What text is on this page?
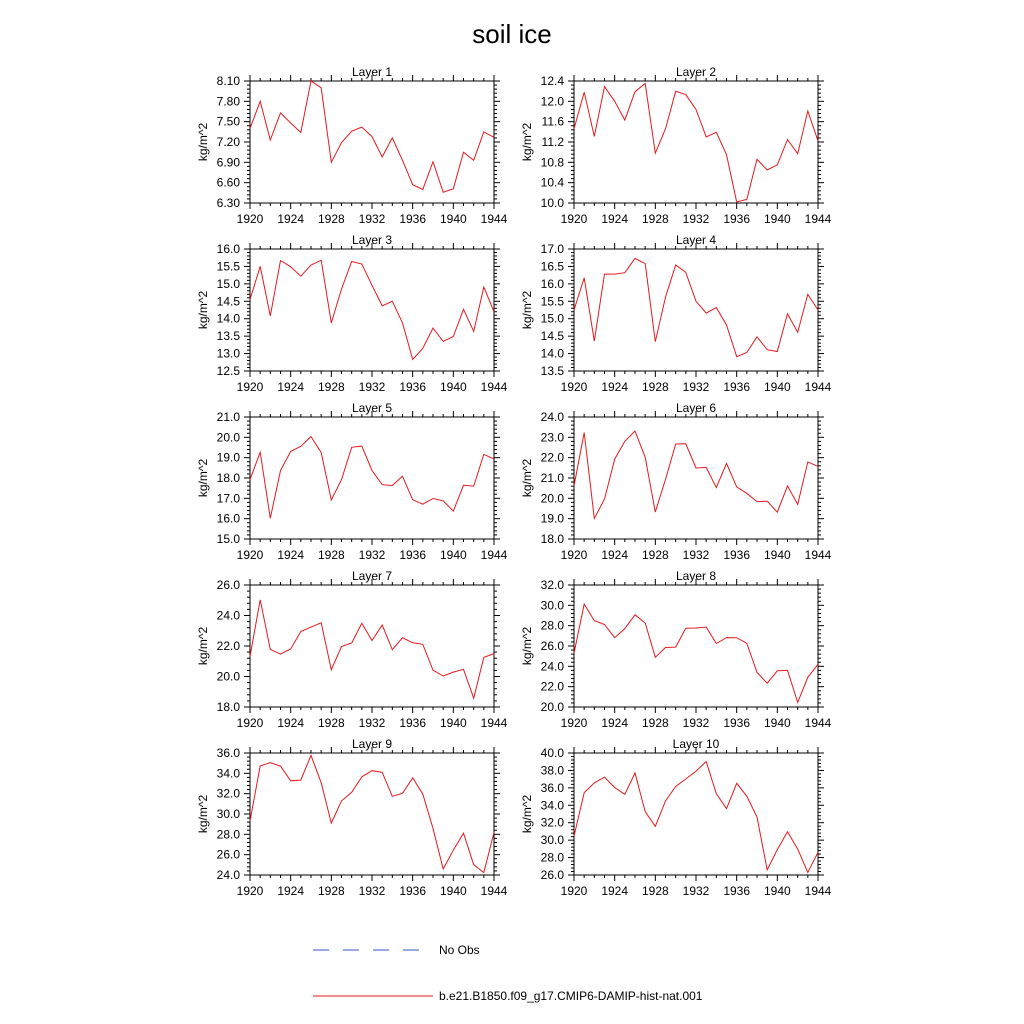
soil ice
Layer 1
kg/m^2
1920 1924 1928 1932 1936 1940 1944
6.30
6.60
6.90
7.20
7.50
7.80
8.10
Layer 2
kg/m^2
1920 1924 1928 1932 1936 1940 1944
10.0
10.4
10.8
11.2
11.6
12.0
12.4
Layer 3
kg/m^2
1920 1924 1928 1932 1936 1940 1944
12.5
13.0
13.5
14.0
14.5
15.0
15.5
16.0
Layer 4
kg/m^2
1920 1924 1928 1932 1936 1940 1944
13.5
14.0
14.5
15.0
15.5
16.0
16.5
17.0
Layer 5
kg/m^2
1920 1924 1928 1932 1936 1940 1944
15.0
16.0
17.0
18.0
19.0
20.0
21.0
Layer 6
kg/m^2
1920 1924 1928 1932 1936 1940 1944
18.0
19.0
20.0
21.0
22.0
23.0
24.0
Layer 7
kg/m^2
1920 1924 1928 1932 1936 1940 1944
18.0
20.0
22.0
24.0
26.0
Layer 8
kg/m^2
1920 1924 1928 1932 1936 1940 1944
20.0
22.0
24.0
26.0
28.0
30.0
32.0
Layer 9
kg/m^2
1920 1924 1928 1932 1936 1940 1944
24.0
26.0
28.0
30.0
32.0
34.0
36.0
Layer 10
kg/m^2
1920 1924 1928 1932 1936 1940 1944
26.0
28.0
30.0
32.0
34.0
36.0
38.0
40.0
No Obs
b.e21.B1850.f09_g17.CMIP6-DAMIP-hist-nat.001
